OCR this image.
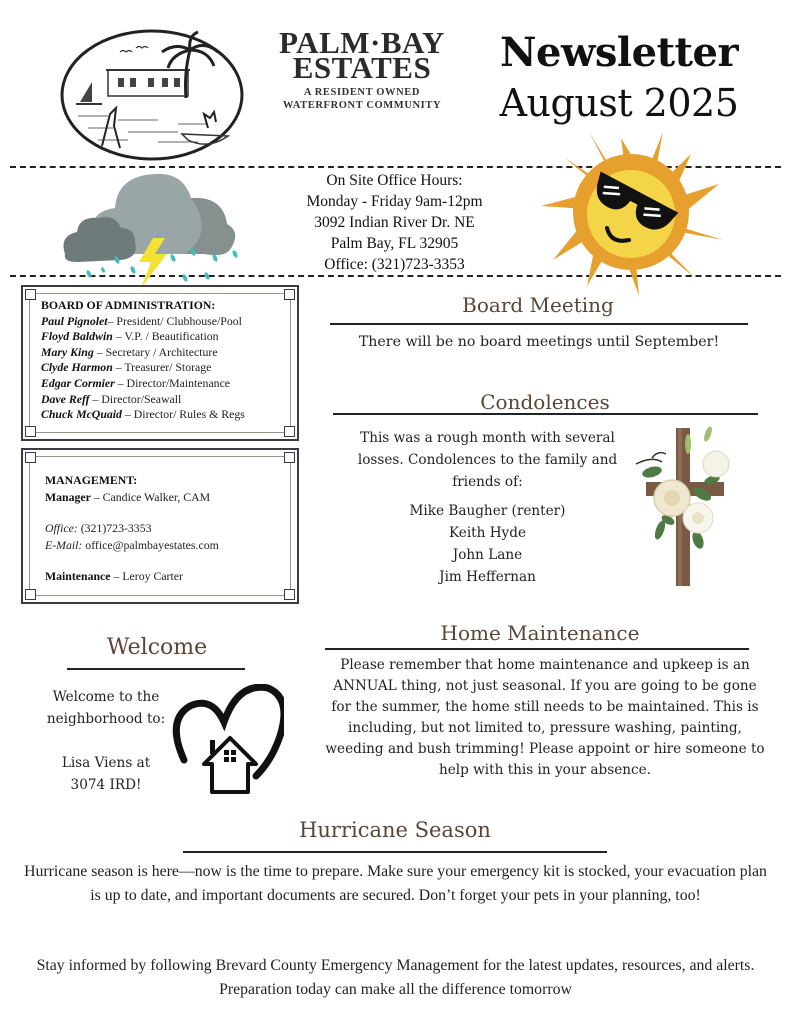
PALM·BAY
ESTATES
A RESIDENT OWNED
WATERFRONT COMMUNITY
Newsletter
August 2025
On Site Office Hours:
Monday - Friday 9am-12pm
3092 Indian River Dr. NE
Palm Bay, FL 32905
Office: (321)723-3353
BOARD OF ADMINISTRATION:
Paul Pignolet– President/ Clubhouse/Pool
Floyd Baldwin – V.P. / Beautification
Mary King – Secretary / Architecture
Clyde Harmon – Treasurer/ Storage
Edgar Cormier – Director/Maintenance
Dave Reff – Director/Seawall
Chuck McQuaid – Director/ Rules & Regs
MANAGEMENT:
Manager – Candice Walker, CAM
Office: (321)723-3353
E-Mail: office@palmbayestates.com
Maintenance – Leroy Carter
Board Meeting
There will be no board meetings until September!
Condolences
This was a rough month with several losses. Condolences to the family and friends of:
Mike Baugher (renter)
Keith Hyde
John Lane
Jim Heffernan
Welcome
Welcome to the neighborhood to:
Lisa Viens at 3074 IRD!
Home Maintenance
Please remember that home maintenance and upkeep is an ANNUAL thing, not just seasonal. If you are going to be gone for the summer, the home still needs to be maintained. This is including, but not limited to, pressure washing, painting, weeding and bush trimming! Please appoint or hire someone to help with this in your absence.
Hurricane Season
Hurricane season is here—now is the time to prepare. Make sure your emergency kit is stocked, your evacuation plan is up to date, and important documents are secured. Don’t forget your pets in your planning, too!
Stay informed by following Brevard County Emergency Management for the latest updates, resources, and alerts. Preparation today can make all the difference tomorrow
